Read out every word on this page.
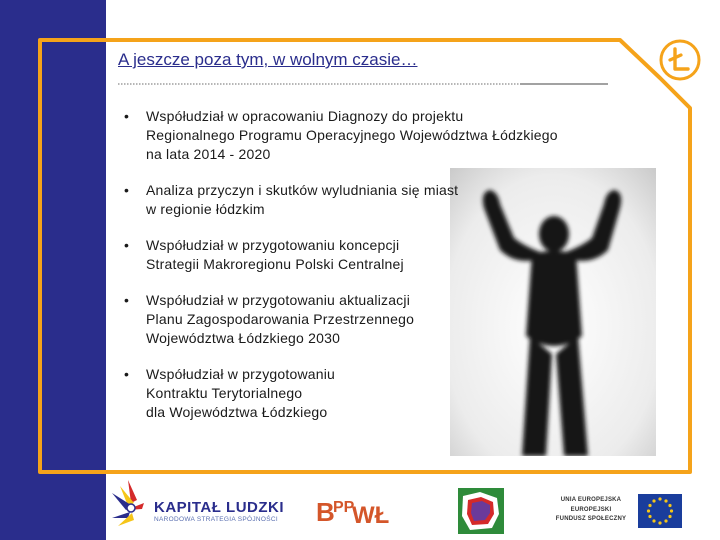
A jeszcze poza tym, w wolnym czasie…
• Współudział w opracowaniu Diagnozy do projektu
Regionalnego Programu Operacyjnego Województwa Łódzkiego
na lata 2014 - 2020
• Analiza przyczyn i skutków wyludniania się miast
w regionie łódzkim
• Współudział w przygotowaniu koncepcji
Strategii Makroregionu Polski Centralnej
• Współudział w przygotowaniu aktualizacji
Planu Zagospodarowania Przestrzennego
Województwa Łódzkiego 2030
• Współudział w przygotowaniu
Kontraktu Terytorialnego
dla Województwa Łódzkiego
B PP
WŁ
KAPITAŁ LUDZKI
NARODOWA STRATEGIA SPÓJNOŚCI
UNIA EUROPEJSKA
EUROPEJSKI
FUNDUSZ SPOŁECZNY
